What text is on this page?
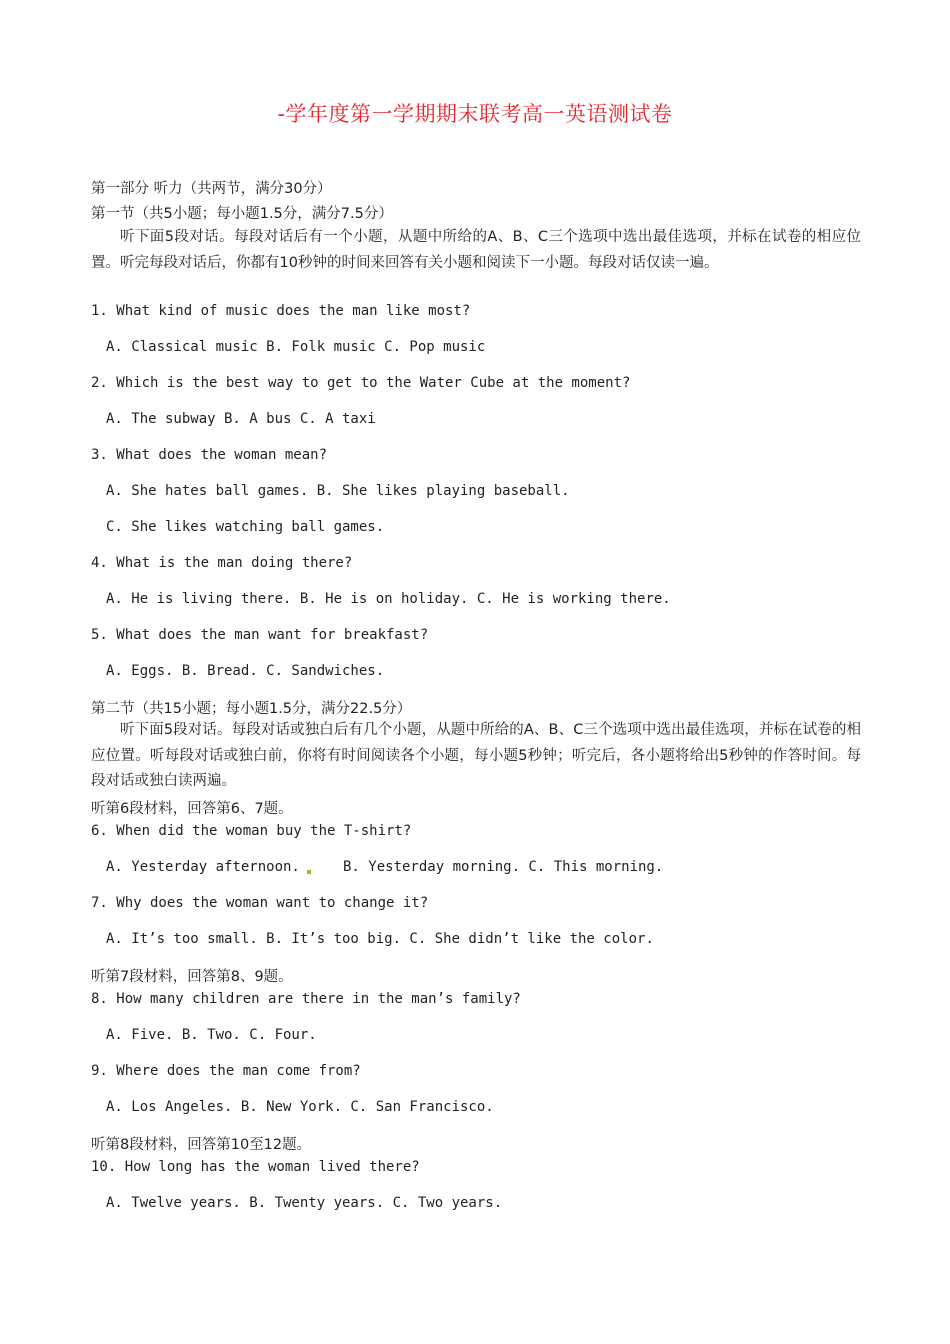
-学年度第一学期期末联考高一英语测试卷
第一部分 听力（共两节，满分30分）
第一节（共5小题；每小题1.5分，满分7.5分）
听下面5段对话。每段对话后有一个小题，从题中所给的A、B、C三个选项中选出最佳选项，并标在试卷的相应位置。听完每段对话后，你都有10秒钟的时间来回答有关小题和阅读下一小题。每段对话仅读一遍。
1. What kind of music does the man like most?
A. Classical music B. Folk music C. Pop music
2. Which is the best way to get to the Water Cube at the moment?
A. The subway B. A bus C. A taxi
3. What does the woman mean?
A. She hates ball games. B. She likes playing baseball.
C. She likes watching ball games.
4. What is the man doing there?
A. He is living there. B. He is on holiday. C. He is working there.
5. What does the man want for breakfast?
A. Eggs. B. Bread. C. Sandwiches.
第二节（共15小题；每小题1.5分，满分22.5分）
听下面5段对话。每段对话或独白后有几个小题，从题中所给的A、B、C三个选项中选出最佳选项，并标在试卷的相应位置。听每段对话或独白前，你将有时间阅读各个小题，每小题5秒钟；听完后，各小题将给出5秒钟的作答时间。每段对话或独白读两遍。
听第6段材料，回答第6、7题。
6. When did the woman buy the T-shirt?
A. Yesterday afternoon.	B. Yesterday morning. C. This morning.
7. Why does the woman want to change it?
A. It’s too small. B. It’s too big. C. She didn’t like the color.
听第7段材料，回答第8、9题。
8. How many children are there in the man’s family?
A. Five. B. Two. C. Four.
9. Where does the man come from?
A. Los Angeles. B. New York. C. San Francisco.
听第8段材料，回答第10至12题。
10. How long has the woman lived there?
A. Twelve years. B. Twenty years. C. Two years.
